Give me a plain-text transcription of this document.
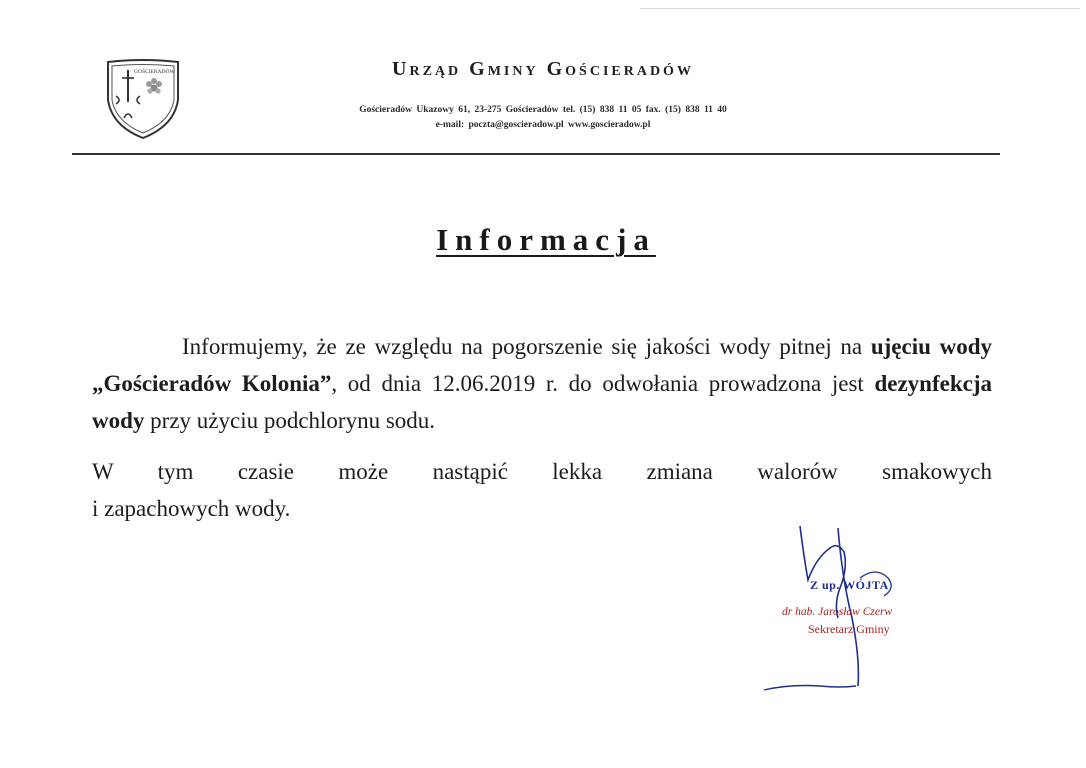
GOŚCIERADÓW	Urząd Gminy Gościeradów
Gościeradów Ukazowy 61, 23-275 Gościeradów tel. (15) 838 11 05 fax. (15) 838 11 40
e-mail: poczta@goscieradow.pl www.goscieradow.pl
Informacja

Informujemy, że ze względu na pogorszenie się jakości wody pitnej na ujęciu wody „Gościeradów Kolonia”, od dnia 12.06.2019 r. do odwołania prowadzona jest dezynfekcja wody przy użyciu podchlorynu sodu.

W tym czasie może nastąpić lekka zmiana walorów smakowych
i zapachowych wody.

Z up. WÓJTA
dr hab. Jarosław Czerw
Sekretarz Gminy
